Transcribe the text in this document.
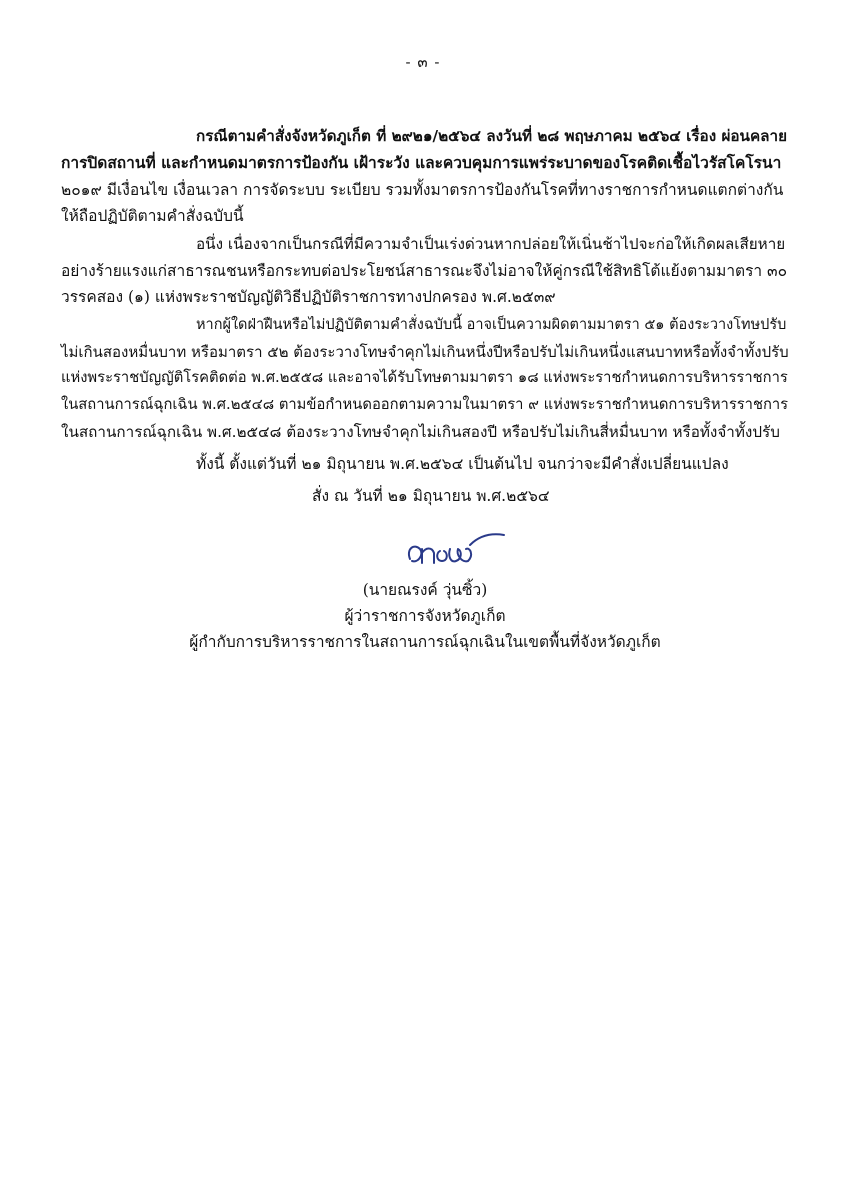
- ๓ -
กรณีตามคำสั่งจังหวัดภูเก็ต ที่ ๒๙๒๑/๒๕๖๔ ลงวันที่ ๒๘ พฤษภาคม ๒๕๖๔ เรื่อง ผ่อนคลาย
การปิดสถานที่ และกำหนดมาตรการป้องกัน เฝ้าระวัง และควบคุมการแพร่ระบาดของโรคติดเชื้อไวรัสโคโรนา
๒๐๑๙ มีเงื่อนไข เงื่อนเวลา การจัดระบบ ระเบียบ รวมทั้งมาตรการป้องกันโรคที่ทางราชการกำหนดแตกต่างกัน
ให้ถือปฏิบัติตามคำสั่งฉบับนี้
อนึ่ง เนื่องจากเป็นกรณีที่มีความจำเป็นเร่งด่วนหากปล่อยให้เนิ่นช้าไปจะก่อให้เกิดผลเสียหาย
อย่างร้ายแรงแก่สาธารณชนหรือกระทบต่อประโยชน์สาธารณะจึงไม่อาจให้คู่กรณีใช้สิทธิโต้แย้งตามมาตรา ๓๐
วรรคสอง (๑) แห่งพระราชบัญญัติวิธีปฏิบัติราชการทางปกครอง พ.ศ.๒๕๓๙
หากผู้ใดฝ่าฝืนหรือไม่ปฏิบัติตามคำสั่งฉบับนี้ อาจเป็นความผิดตามมาตรา ๕๑ ต้องระวางโทษปรับ
ไม่เกินสองหมื่นบาท หรือมาตรา ๕๒ ต้องระวางโทษจำคุกไม่เกินหนึ่งปีหรือปรับไม่เกินหนึ่งแสนบาทหรือทั้งจำทั้งปรับ
แห่งพระราชบัญญัติโรคติดต่อ พ.ศ.๒๕๕๘ และอาจได้รับโทษตามมาตรา ๑๘ แห่งพระราชกำหนดการบริหารราชการ
ในสถานการณ์ฉุกเฉิน พ.ศ.๒๕๔๘ ตามข้อกำหนดออกตามความในมาตรา ๙ แห่งพระราชกำหนดการบริหารราชการ
ในสถานการณ์ฉุกเฉิน พ.ศ.๒๕๔๘ ต้องระวางโทษจำคุกไม่เกินสองปี หรือปรับไม่เกินสี่หมื่นบาท หรือทั้งจำทั้งปรับ
ทั้งนี้ ตั้งแต่วันที่ ๒๑ มิถุนายน พ.ศ.๒๕๖๔ เป็นต้นไป จนกว่าจะมีคำสั่งเปลี่ยนแปลง
สั่ง ณ วันที่ ๒๑ มิถุนายน พ.ศ.๒๕๖๔
(นายณรงค์ วุ่นซิ้ว)
ผู้ว่าราชการจังหวัดภูเก็ต
ผู้กำกับการบริหารราชการในสถานการณ์ฉุกเฉินในเขตพื้นที่จังหวัดภูเก็ต
